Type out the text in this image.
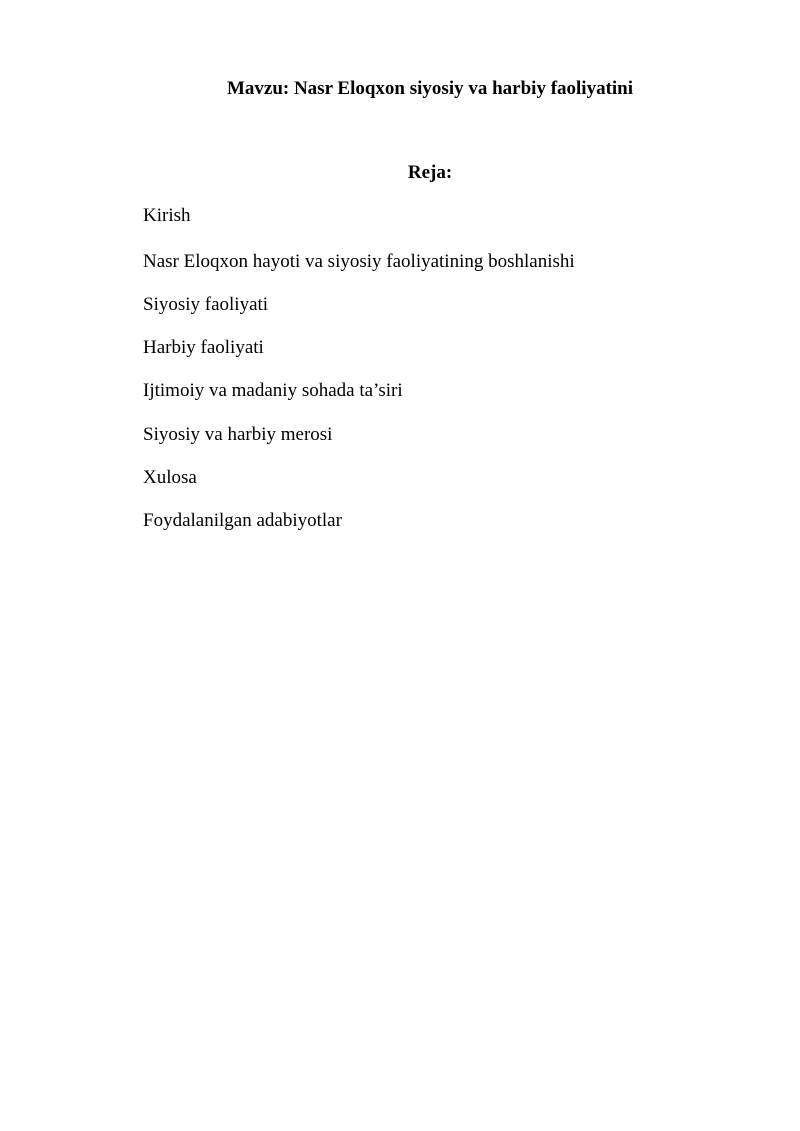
Mavzu: Nasr Eloqxon siyosiy va harbiy faoliyatini
Reja:
Kirish
Nasr Eloqxon hayoti va siyosiy faoliyatining boshlanishi
Siyosiy faoliyati
Harbiy faoliyati
Ijtimoiy va madaniy sohada ta’siri
Siyosiy va harbiy merosi
Xulosa
Foydalanilgan adabiyotlar
